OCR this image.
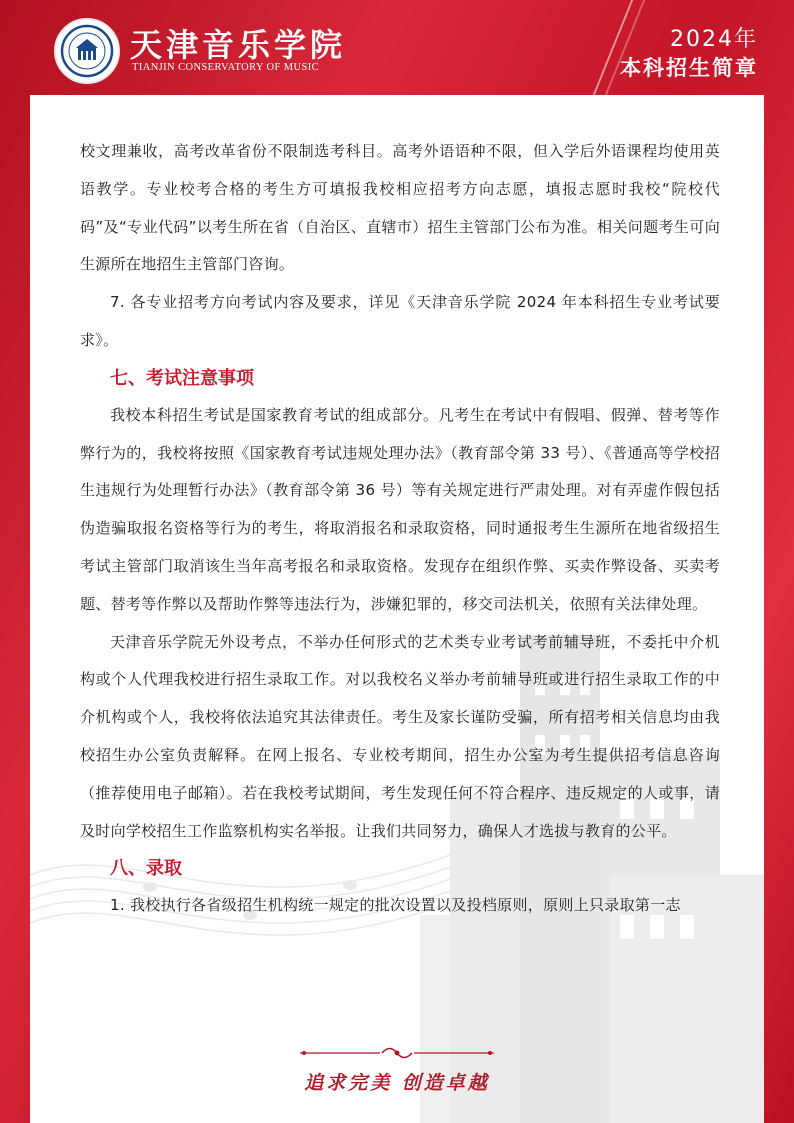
天津音乐学院
TIANJIN CONSERVATORY OF MUSIC
2024年
本科招生简章

校文理兼收，高考改革省份不限制选考科目。高考外语语种不限，但入学后外语课程均使用英语教学。专业校考合格的考生方可填报我校相应招考方向志愿，填报志愿时我校“院校代码”及“专业代码”以考生所在省（自治区、直辖市）招生主管部门公布为准。相关问题考生可向生源所在地招生主管部门咨询。

7. 各专业招考方向考试内容及要求，详见《天津音乐学院 2024 年本科招生专业考试要求》。

七、考试注意事项

我校本科招生考试是国家教育考试的组成部分。凡考生在考试中有假唱、假弹、替考等作弊行为的，我校将按照《国家教育考试违规处理办法》（教育部令第 33 号）、《普通高等学校招生违规行为处理暂行办法》（教育部令第 36 号）等有关规定进行严肃处理。对有弄虚作假包括伪造骗取报名资格等行为的考生，将取消报名和录取资格，同时通报考生生源所在地省级招生考试主管部门取消该生当年高考报名和录取资格。发现存在组织作弊、买卖作弊设备、买卖考题、替考等作弊以及帮助作弊等违法行为，涉嫌犯罪的，移交司法机关，依照有关法律处理。

天津音乐学院无外设考点，不举办任何形式的艺术类专业考试考前辅导班，不委托中介机构或个人代理我校进行招生录取工作。对以我校名义举办考前辅导班或进行招生录取工作的中介机构或个人，我校将依法追究其法律责任。考生及家长谨防受骗，所有招考相关信息均由我校招生办公室负责解释。在网上报名、专业校考期间，招生办公室为考生提供招考信息咨询（推荐使用电子邮箱）。若在我校考试期间，考生发现任何不符合程序、违反规定的人或事，请及时向学校招生工作监察机构实名举报。让我们共同努力，确保人才选拔与教育的公平。

八、录取

1. 我校执行各省级招生机构统一规定的批次设置以及投档原则，原则上只录取第一志

追求完美 创造卓越
